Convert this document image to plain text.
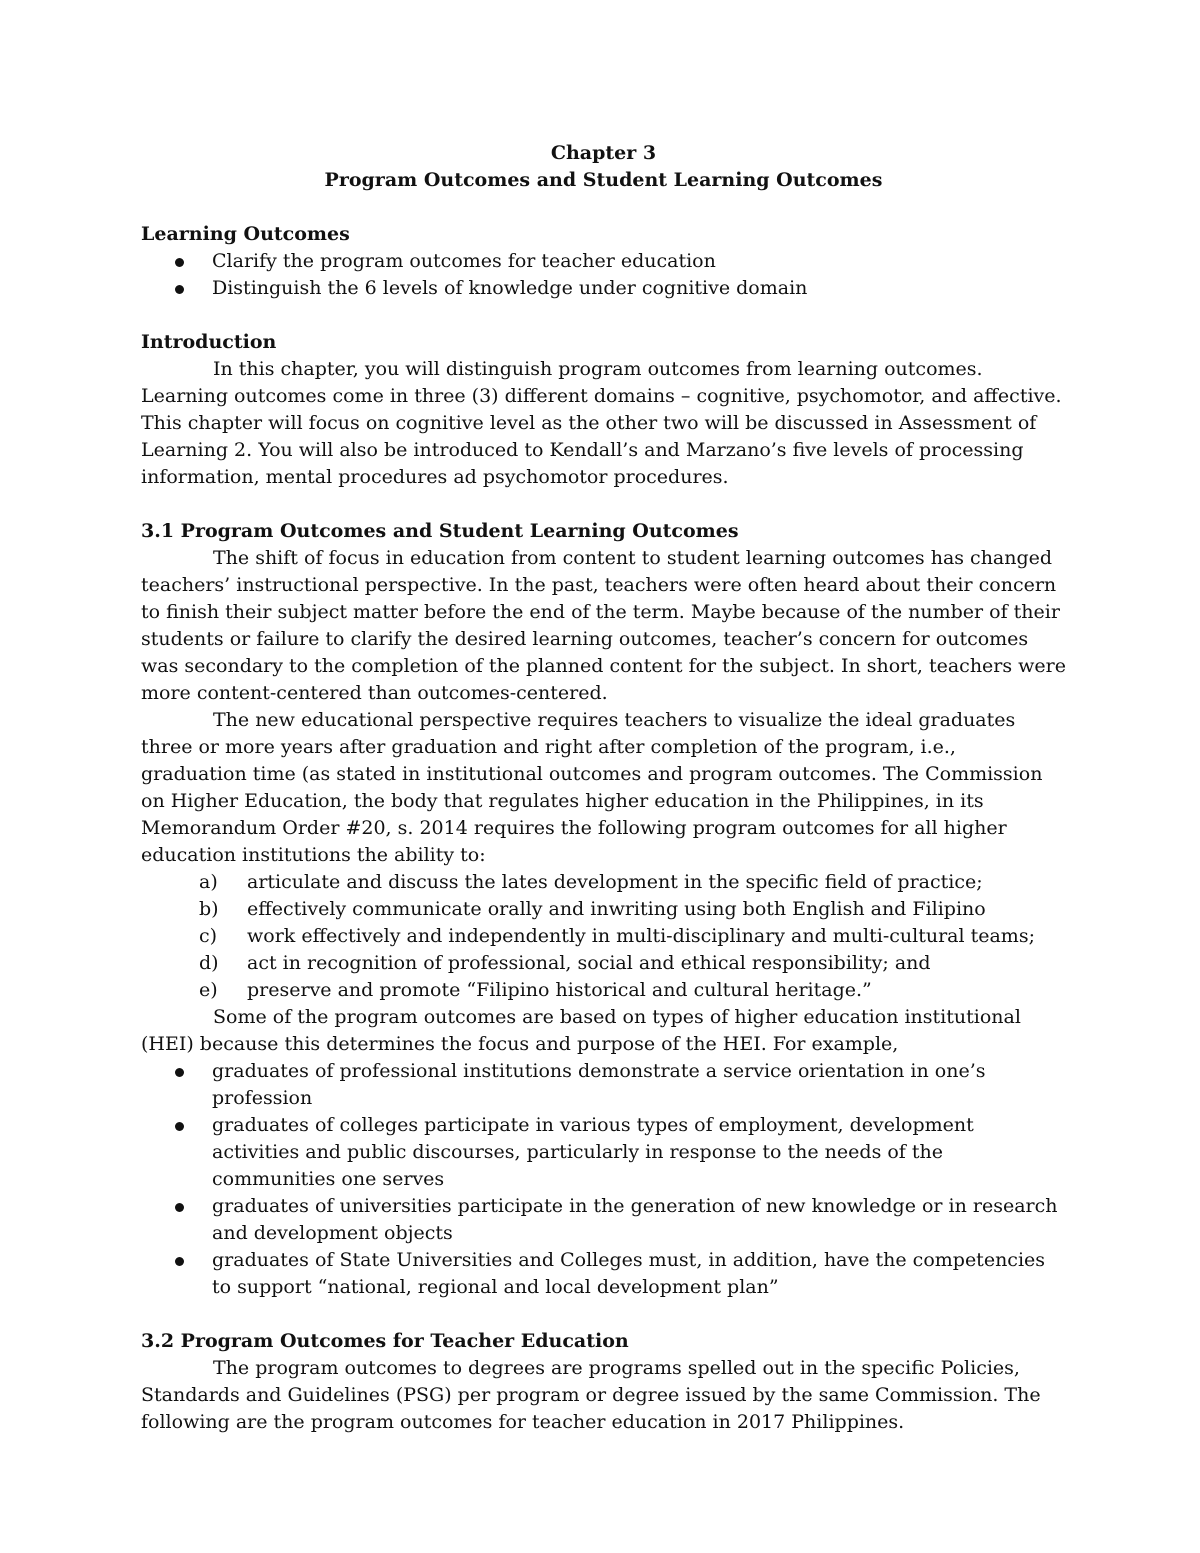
Chapter 3
Program Outcomes and Student Learning Outcomes

Learning Outcomes

Clarify the program outcomes for teacher education
Distinguish the 6 levels of knowledge under cognitive domain

Introduction

In this chapter, you will distinguish program outcomes from learning outcomes. Learning outcomes come in three (3) different domains – cognitive, psychomotor, and affective. This chapter will focus on cognitive level as the other two will be discussed in Assessment of Learning 2. You will also be introduced to Kendall’s and Marzano’s five levels of processing information, mental procedures ad psychomotor procedures.

3.1 Program Outcomes and Student Learning Outcomes

The shift of focus in education from content to student learning outcomes has changed teachers’ instructional perspective. In the past, teachers were often heard about their concern to finish their subject matter before the end of the term. Maybe because of the number of their students or failure to clarify the desired learning outcomes, teacher’s concern for outcomes was secondary to the completion of the planned content for the subject. In short, teachers were more content-centered than outcomes-centered.

The new educational perspective requires teachers to visualize the ideal graduates three or more years after graduation and right after completion of the program, i.e., graduation time (as stated in institutional outcomes and program outcomes. The Commission on Higher Education, the body that regulates higher education in the Philippines, in its Memorandum Order #20, s. 2014 requires the following program outcomes for all higher education institutions the ability to:

a) articulate and discuss the lates development in the specific field of practice;
b) effectively communicate orally and inwriting using both English and Filipino
c) work effectively and independently in multi-disciplinary and multi-cultural teams;
d) act in recognition of professional, social and ethical responsibility; and
e) preserve and promote “Filipino historical and cultural heritage.”

Some of the program outcomes are based on types of higher education institutional (HEI) because this determines the focus and purpose of the HEI. For example,

graduates of professional institutions demonstrate a service orientation in one’s profession
graduates of colleges participate in various types of employment, development activities and public discourses, particularly in response to the needs of the communities one serves
graduates of universities participate in the generation of new knowledge or in research and development objects
graduates of State Universities and Colleges must, in addition, have the competencies to support “national, regional and local development plan”

3.2 Program Outcomes for Teacher Education

The program outcomes to degrees are programs spelled out in the specific Policies, Standards and Guidelines (PSG) per program or degree issued by the same Commission. The following are the program outcomes for teacher education in 2017 Philippines.
